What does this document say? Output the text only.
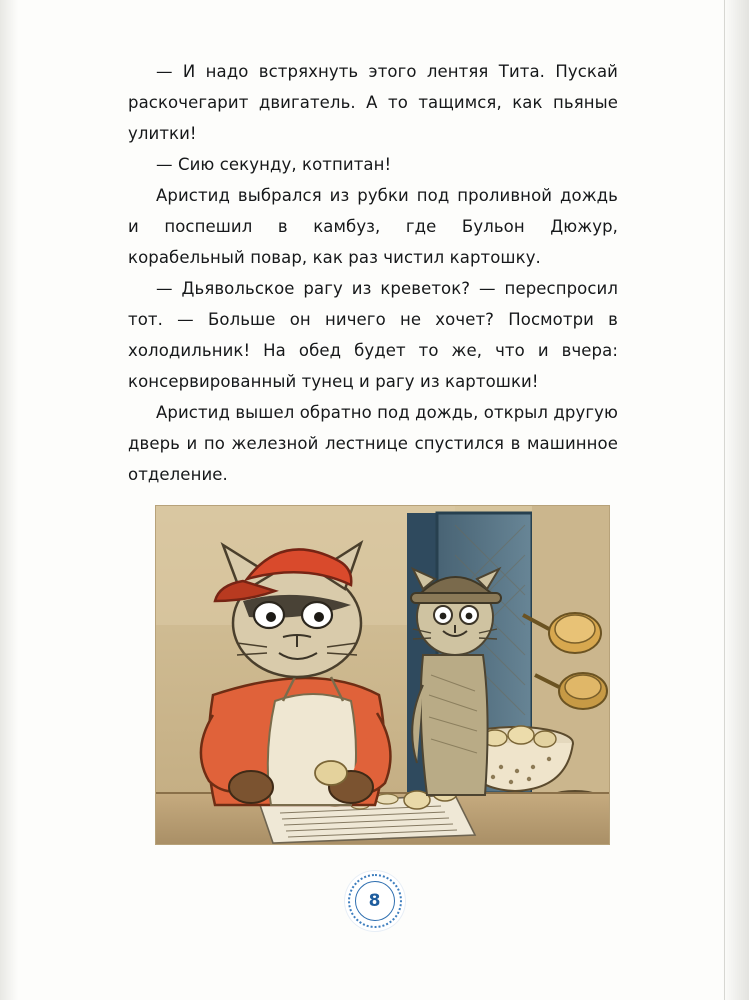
— И надо встряхнуть этого лентяя Тита. Пускай раскочегарит двигатель. А то тащимся, как пьяные улитки!

— Сию секунду, котпитан!

Аристид выбрался из рубки под проливной дождь и поспешил в камбуз, где Бульон Дюжур, корабельный повар, как раз чистил картошку.

— Дьявольское рагу из креветок? — переспросил тот. — Больше он ничего не хочет? Посмотри в холодильник! На обед будет то же, что и вчера: консервированный тунец и рагу из картошки!

Аристид вышел обратно под дождь, открыл другую дверь и по железной лестнице спустился в машинное отделение.

8
